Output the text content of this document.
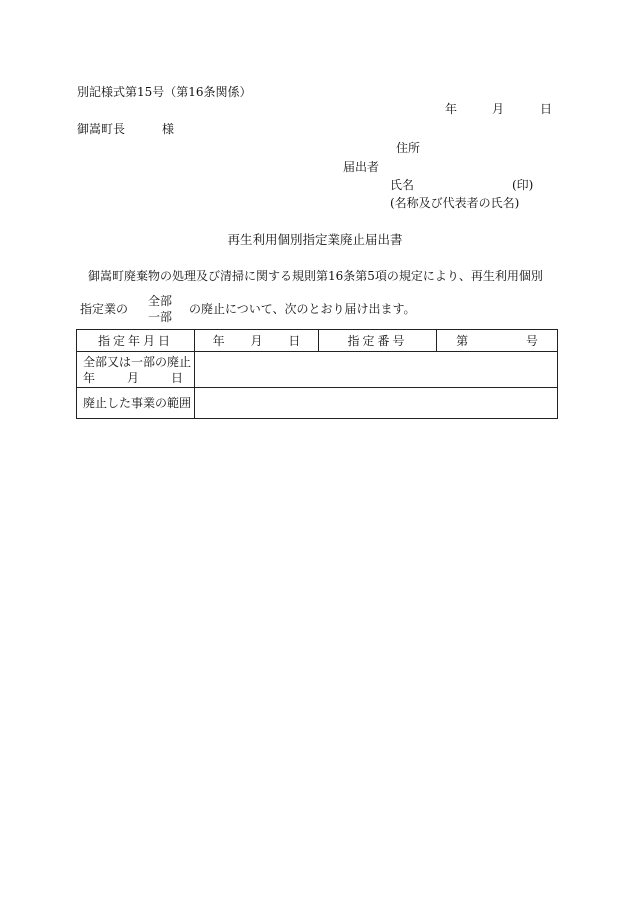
別記様式第15号（第16条関係）
年	月	日
御嵩町長	様
住所
届出者
氏名	(印)
(名称及び代表者の氏名)
再生利用個別指定業廃止届出書
御嵩町廃棄物の処理及び清掃に関する規則第16条第5項の規定により、再生利用個別
指定業の
全部
一部
の廃止について、次のとおり届け出ます。
指定年月日	年 月 日	指定番号	第 号

全部又は一部の廃止
年 月 日			

廃止した事業の範囲			
